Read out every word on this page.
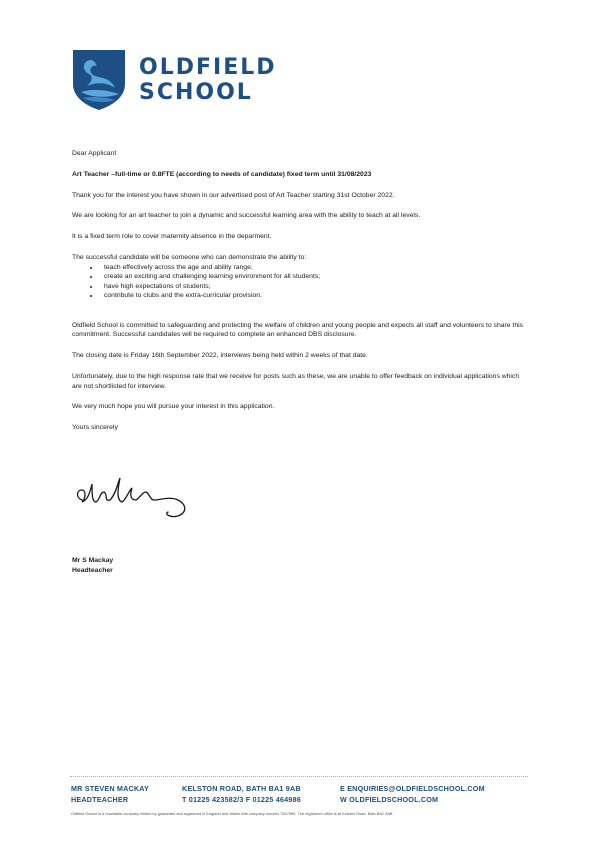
OLDFIELD
SCHOOL

Dear Applicant

Art Teacher –full-time or 0.8FTE (according to needs of candidate) fixed term until 31/08/2023

Thank you for the interest you have shown in our advertised post of Art Teacher starting 31st October 2022.

We are looking for an art teacher to join a dynamic and successful learning area with the ability to teach at all levels.

It is a fixed term role to cover maternity absence in the deparment.

The successful candidate will be someone who can demonstrate the ability to:

• teach effectively across the age and ability range;
• create an exciting and challenging learning environment for all students;
• have high expectations of students;
• contribute to clubs and the extra-curricular provision.

Oldfield School is committed to safeguarding and protecting the welfare of children and young people and expects all staff and volunteers to share this commitment. Successful candidates will be required to complete an enhanced DBS disclosure.

The closing date is Friday 16th September 2022, interviews being held within 2 weeks of that date.

Unfortunately, due to the high response rate that we receive for posts such as these, we are unable to offer feedback on individual applications which are not shortlisted for interview.

We very much hope you will pursue your interest in this application.

Yours sincerely

Mr S Mackay
Headteacher
MR STEVEN MACKAY
HEADTEACHER
KELSTON ROAD, BATH BA1 9AB
T 01225 423582/3 F 01225 464986
E ENQUIRIES@OLDFIELDSCHOOL.COM
W OLDFIELDSCHOOL.COM
Oldfield School is a charitable company limited by guarantee and registered in England and Wales with company number 7547565. The registered office is at Kelston Road, Bath BA1 9AB
